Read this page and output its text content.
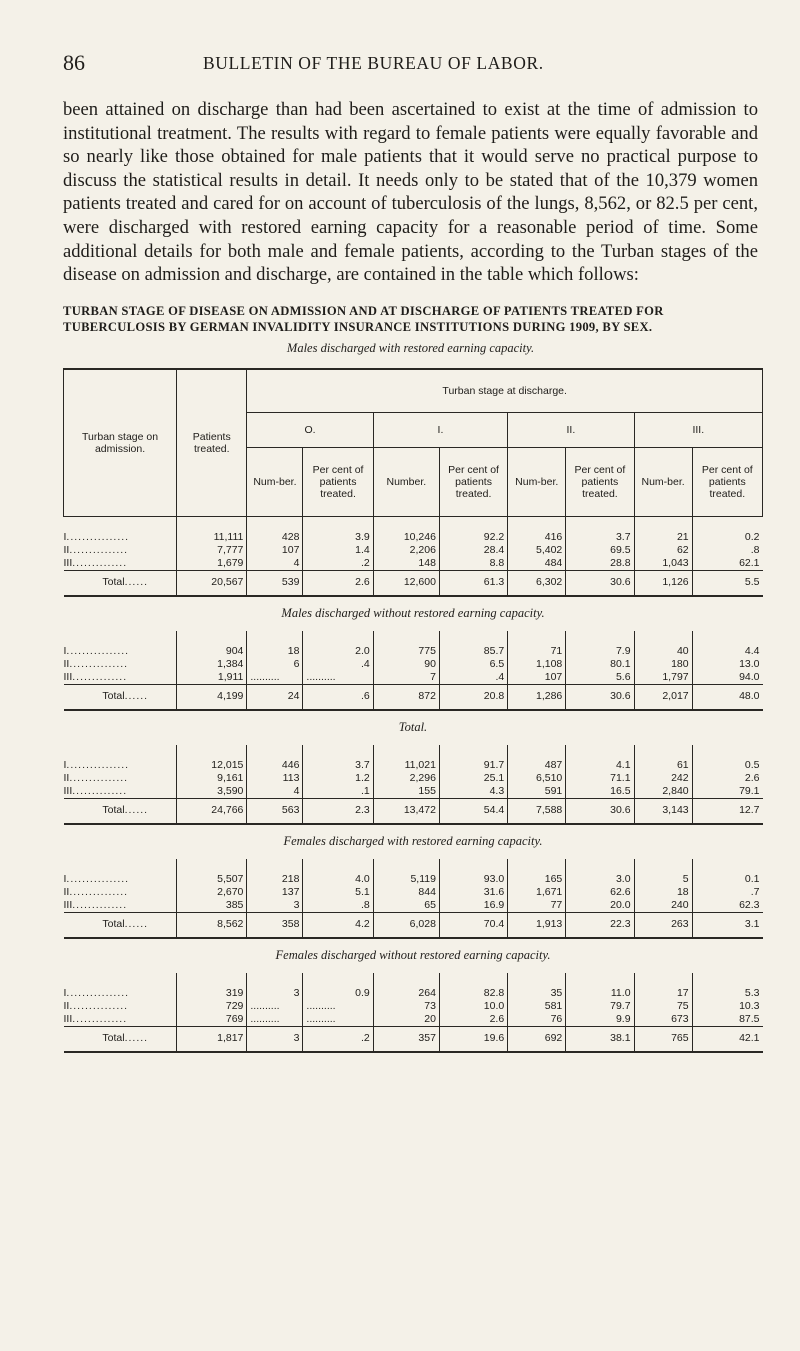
86	BULLETIN OF THE BUREAU OF LABOR.

been attained on discharge than had been ascertained to exist at the time of admission to institutional treatment. The results with regard to female patients were equally favorable and so nearly like those obtained for male patients that it would serve no practical purpose to discuss the statistical results in detail. It needs only to be stated that of the 10,379 women patients treated and cared for on account of tuberculosis of the lungs, 8,562, or 82.5 per cent, were discharged with restored earning capacity for a reasonable period of time. Some additional details for both male and female patients, according to the Turban stages of the disease on admission and discharge, are contained in the table which follows:

TURBAN STAGE OF DISEASE ON ADMISSION AND AT DISCHARGE OF PATIENTS TREATED FOR TUBERCULOSIS BY GERMAN INVALIDITY INSURANCE INSTITUTIONS DURING 1909, BY SEX.

Males discharged with restored earning capacity.

Turban stage on admission.	Patients treated.	Turban stage at discharge.							
		O.		I.		II.		III.	
		Num-ber.	Per cent of patients treated.	Number.	Per cent of patients treated.	Num-ber.	Per cent of patients treated.	Num-ber.	Per cent of patients treated.
I................	11,111	428	3.9	10,246	92.2	416	3.7	21	0.2
II...............	7,777	107	1.4	2,206	28.4	5,402	69.5	62	.8
III..............	1,679	4	.2	148	8.8	484	28.8	1,043	62.1
Total......	20,567	539	2.6	12,600	61.3	6,302	30.6	1,126	5.5
Males discharged without restored earning capacity.									
I................	904	18	2.0	775	85.7	71	7.9	40	4.4
II...............	1,384	6	.4	90	6.5	1,108	80.1	180	13.0
III..............	1,911	..........	..........	7	.4	107	5.6	1,797	94.0
Total......	4,199	24	.6	872	20.8	1,286	30.6	2,017	48.0
Total.									
I................	12,015	446	3.7	11,021	91.7	487	4.1	61	0.5
II...............	9,161	113	1.2	2,296	25.1	6,510	71.1	242	2.6
III..............	3,590	4	.1	155	4.3	591	16.5	2,840	79.1
Total......	24,766	563	2.3	13,472	54.4	7,588	30.6	3,143	12.7
Females discharged with restored earning capacity.									
I................	5,507	218	4.0	5,119	93.0	165	3.0	5	0.1
II...............	2,670	137	5.1	844	31.6	1,671	62.6	18	.7
III..............	385	3	.8	65	16.9	77	20.0	240	62.3
Total......	8,562	358	4.2	6,028	70.4	1,913	22.3	263	3.1
Females discharged without restored earning capacity.									
I................	319	3	0.9	264	82.8	35	11.0	17	5.3
II...............	729	..........	..........	73	10.0	581	79.7	75	10.3
III..............	769	..........	..........	20	2.6	76	9.9	673	87.5
Total......	1,817	3	.2	357	19.6	692	38.1	765	42.1
